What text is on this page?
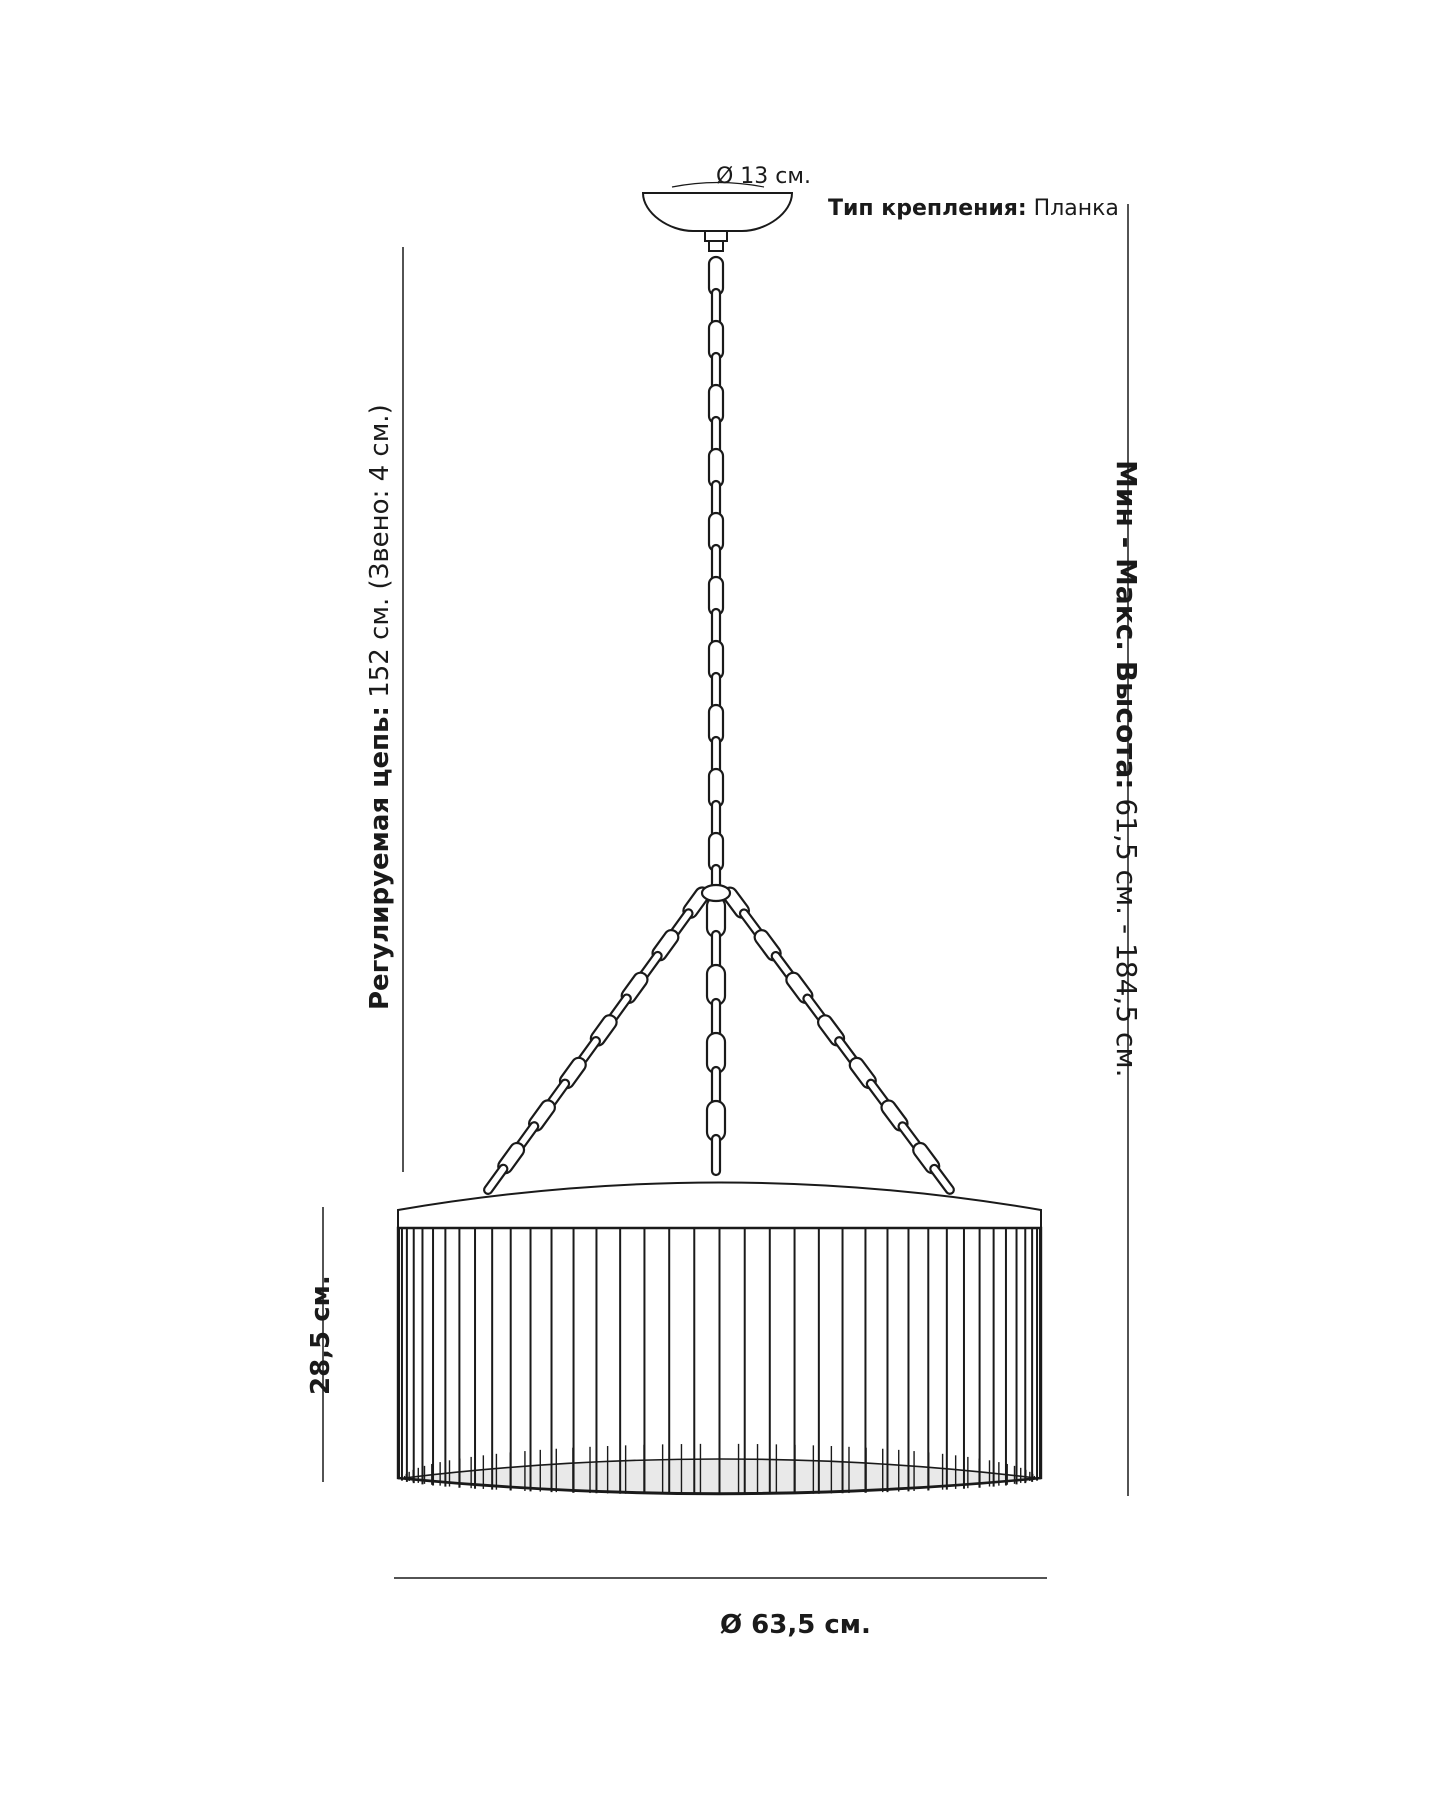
Ø 13 см.
Тип крепления: Планка
Регулируемая цепь: 152 см. (Звено: 4 см.)
28,5 см.
Мин - Макс. Высота: 61,5 см. - 184,5 см.
Ø 63,5 см.
